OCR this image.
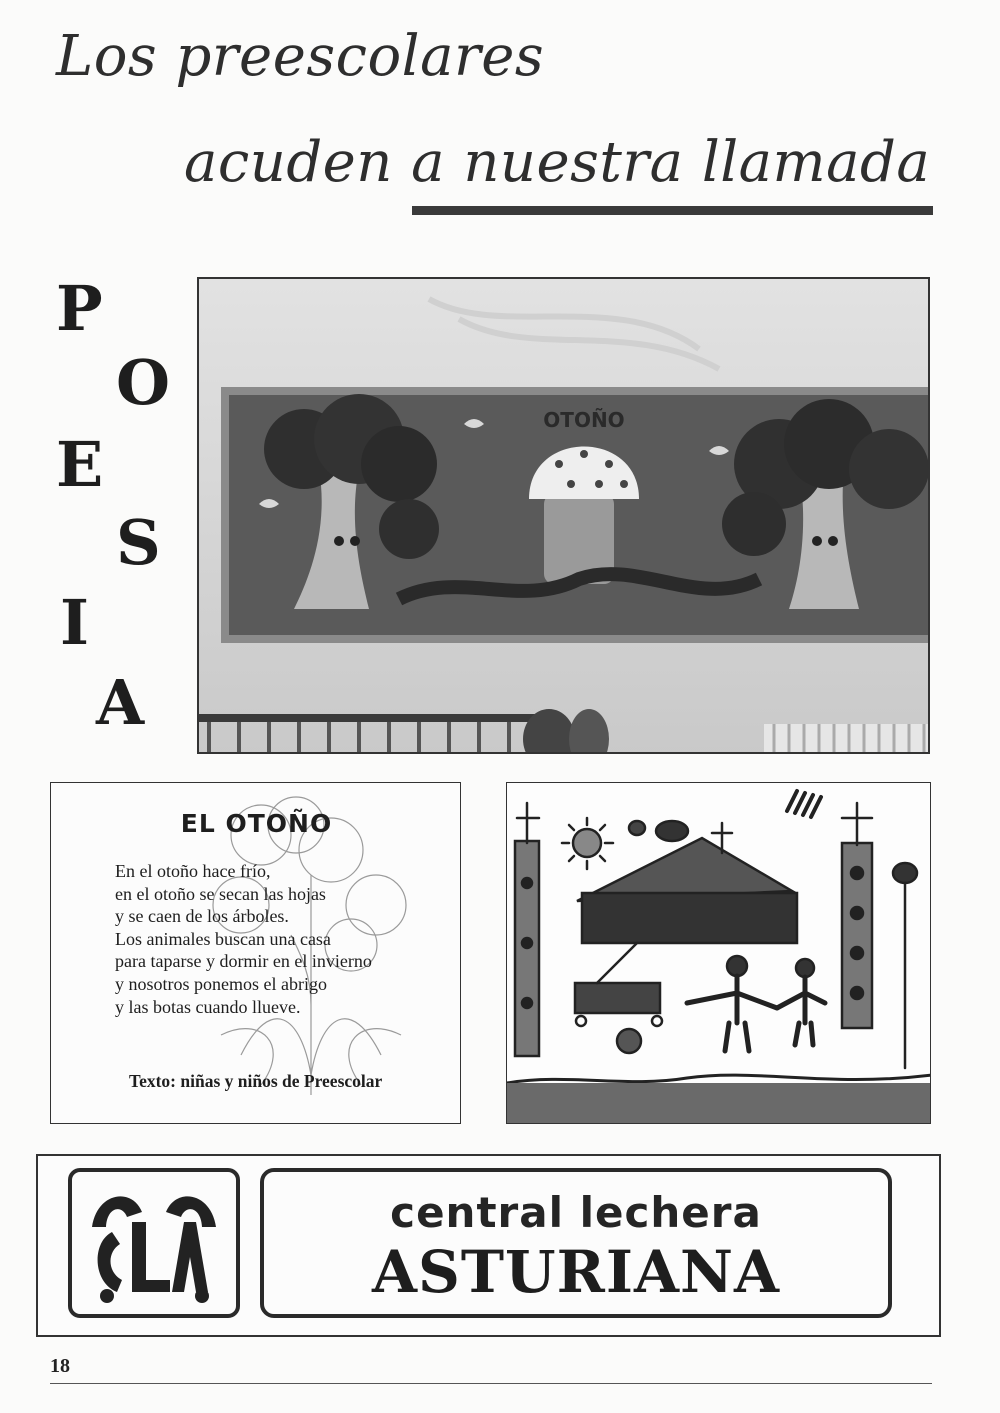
Los preescolares
acuden a nuestra llamada
P
O
E
S
I
A
OTOÑO
EL OTOÑO
En el otoño hace frío,
en el otoño se secan las hojas
y se caen de los árboles.
Los animales buscan una casa
para taparse y dormir en el invierno
y nosotros ponemos el abrigo
y las botas cuando llueve.
Texto: niñas y niños de Preescolar
CLA
central lechera
ASTURIANA
18
